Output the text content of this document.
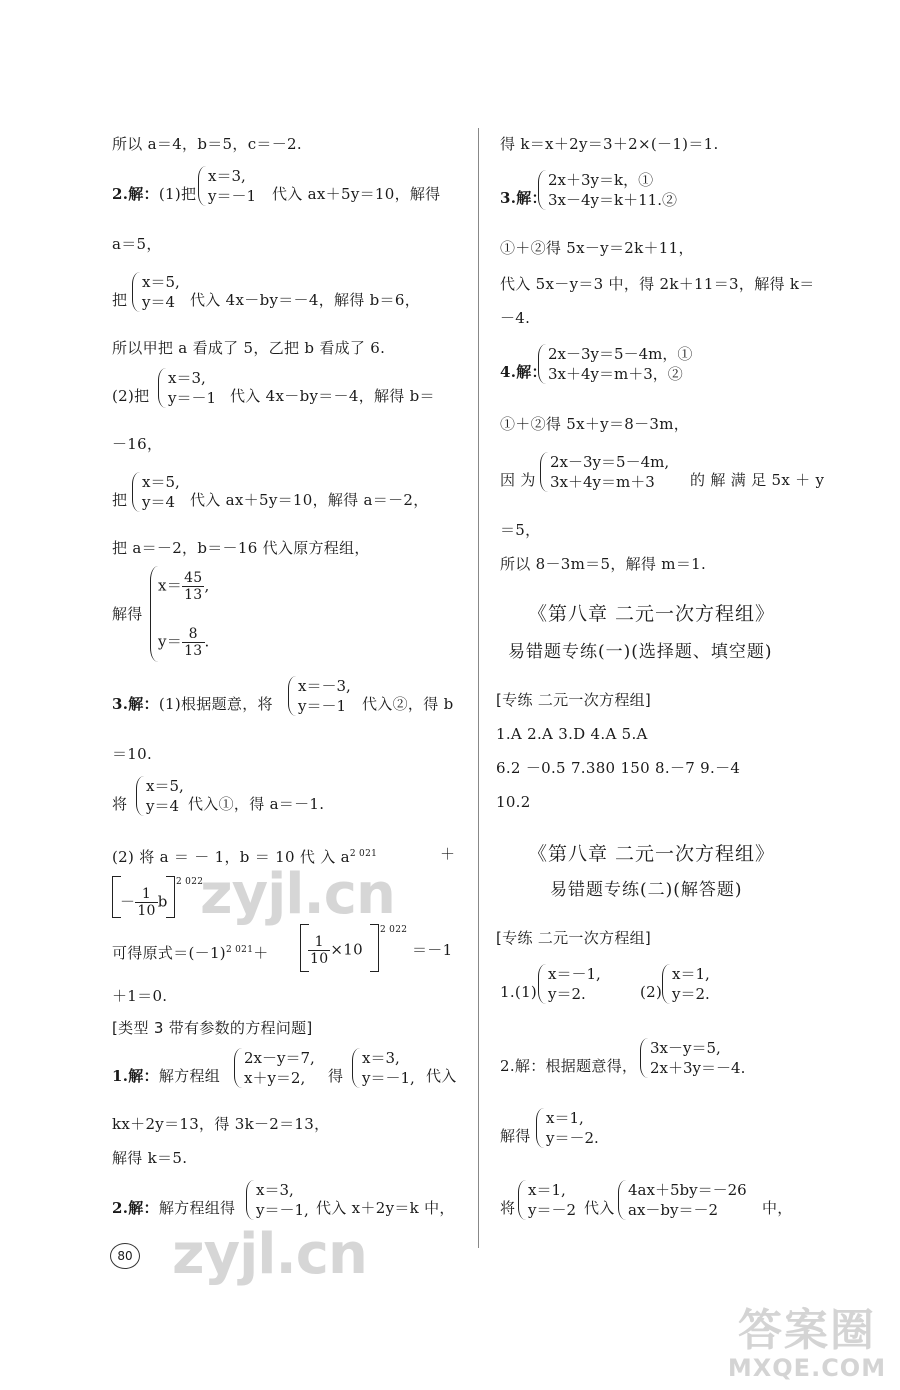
所以 a＝4，b＝5，c＝－2.
2.解：(1)把
x＝3,
y＝－1 代入 ax＋5y＝10，解得
a＝5，
把
x＝5,
y＝4 代入 4x－by＝－4，解得 b＝6，
所以甲把 a 看成了 5，乙把 b 看成了 6.
(2)把
x＝3,
y＝－1 代入 4x－by＝－4，解得 b＝
－16，
把
x＝5,
y＝4 代入 ax＋5y＝10，解得 a＝－2，
把 a＝－2，b＝－16 代入原方程组，
解得
$x= \frac{45}{13}$ ,
$y= \frac{8}{13}$ .
3.解：(1)根据题意，将
x＝－3,
y＝－1	代入②，得 b
＝10.
将
x＝5,
y＝4 代入①，得 a＝－1.
(2) 将 a ＝ － 1，b ＝ 10 代 入 $a^{2 021}$	＋
－ $\frac{1}{10}$ b
2 022
可得原式$=(-1)^{2 021}+$	$\frac{1}{10} \times 10$
2 022
＝－1
＋1＝0.
[类型 3 带有参数的方程问题]
1.解：解方程组
2x－y＝7,
x＋y＝2,	得
x＝3,
y＝－1, 代入
kx＋2y＝13，得 3k－2＝13，
解得 k＝5.
2.解：解方程组得
x＝3,
y＝－1, 代入 x＋2y＝k 中，
80
得 k＝x＋2y＝3＋2×(－1)＝1.
3.解：
2x＋3y＝k，①
3x－4y＝k＋11.②
①＋②得 5x－y＝2k＋11，
代入 5x－y＝3 中，得 2k＋11＝3，解得 k＝
－4.
4.解：
2x－3y＝5－4m，①
3x＋4y＝m＋3，②
①＋②得 5x＋y＝8－3m，
因 为
2x－3y＝5－4m,
3x＋4y＝m＋3	的 解 满 足 5x ＋ y
＝5，
所以 8－3m＝5，解得 m＝1.
《第八章 二元一次方程组》
易错题专练(一)(选择题、填空题)
[专练 二元一次方程组]
1.A 2.A 3.D 4.A 5.A
6.2 －0.5 7.380 150 8.－7 9.－4
10.2
《第八章 二元一次方程组》
易错题专练(二)(解答题)
[专练 二元一次方程组]
1.(1)
x＝－1,
y＝2.	(2)
x＝1,
y＝2.
2.解：根据题意得，
3x－y＝5,
2x＋3y＝－4.
解得
x＝1,
y＝－2.
将
x＝1,
y＝－2 代入
4ax＋5by＝－26
ax－by＝－2	中，
zyjl.cn
zyjl.cn
答案圈
MXQE.COM
